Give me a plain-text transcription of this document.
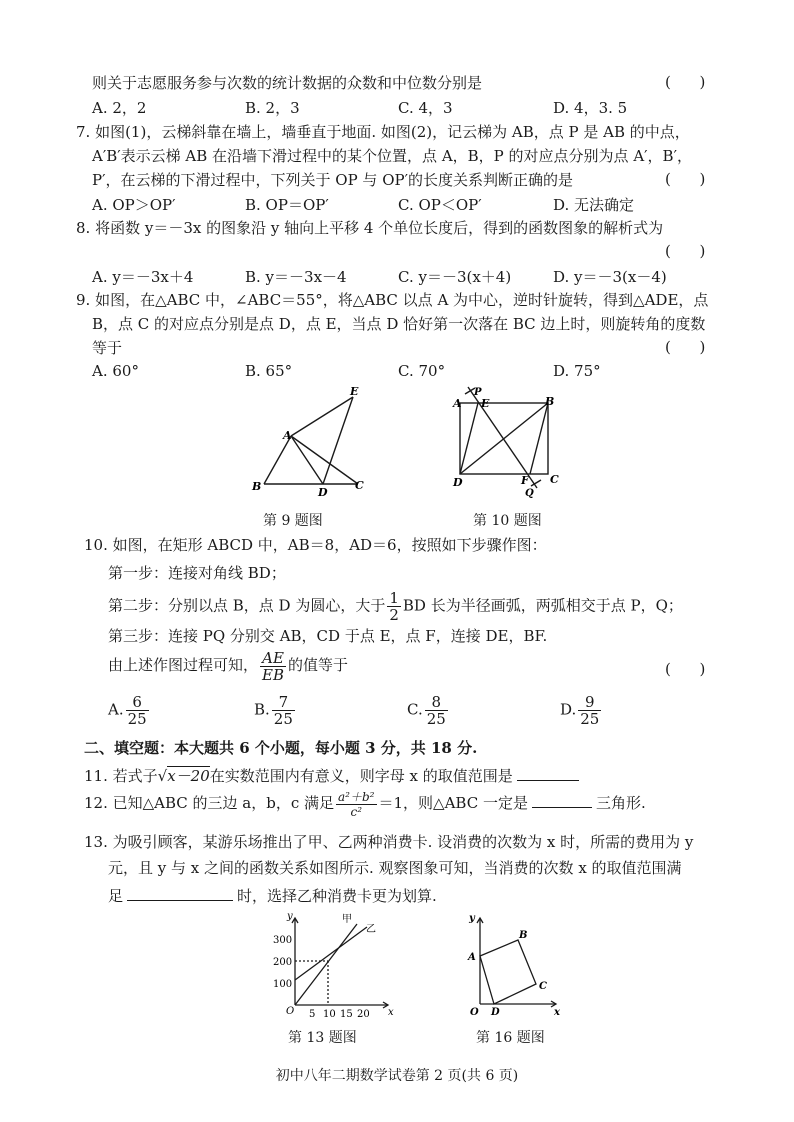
则关于志愿服务参与次数的统计数据的众数和中位数分别是	(      )
A. 2，2	B. 2，3	C. 4，3	D. 4，3. 5
7. 如图(1)，云梯斜靠在墙上，墙垂直于地面. 如图(2)，记云梯为 AB，点 P 是 AB 的中点，
A′B′表示云梯 AB 在沿墙下滑过程中的某个位置，点 A，B，P 的对应点分别为点 A′，B′，
P′，在云梯的下滑过程中，下列关于 OP 与 OP′的长度关系判断正确的是	(      )
A. OP＞OP′	B. OP＝OP′	C. OP＜OP′	D. 无法确定
8. 将函数 y＝－3x 的图象沿 y 轴向上平移 4 个单位长度后，得到的函数图象的解析式为
(      )
A. y＝－3x＋4	B. y＝－3x－4	C. y＝－3(x＋4)	D. y＝－3(x－4)
9. 如图，在△ABC 中，∠ABC＝55°，将△ABC 以点 A 为中心，逆时针旋转，得到△ADE，点
B，点 C 的对应点分别是点 D，点 E，当点 D 恰好第一次落在 BC 边上时，则旋转角的度数
等于	(      )
A. 60°	B. 65°	C. 70°	D. 75°
A
B	C
D
E
第 9 题图
A E
P
B
D	F C
Q
第 10 题图
10. 如图，在矩形 ABCD 中，AB＝8，AD＝6，按照如下步骤作图：
第一步：连接对角线 BD；
第二步：分别以点 B，点 D 为圆心，大于 $\frac{1}{2}$ BD 长为半径画弧，两弧相交于点 P，Q；
第三步：连接 PQ 分别交 AB，CD 于点 E，点 F，连接 DE，BF.
由上述作图过程可知， $\frac{AE}{EB}$ 的值等于	(      )
A. $\frac{6}{25}$	B. $\frac{7}{25}$	C. $\frac{8}{25}$	D. $\frac{9}{25}$
二、填空题：本大题共 6 个小题，每小题 3 分，共 18 分.
11. 若式子√x－20在实数范围内有意义，则字母 x 的取值范围是
12. 已知△ABC 的三边 a，b，c 满足 $\frac{\text{a²＋b²}}{\text{c²}} =1$，则△ABC 一定是	三角形.
13. 为吸引顾客，某游乐场推出了甲、乙两种消费卡. 设消费的次数为 x 时，所需的费用为 y
元，且 y 与 x 之间的函数关系如图所示. 观察图象可知，当消费的次数 x 的取值范围满
足	时，选择乙种消费卡更为划算.
y
x
O
300
200
100
5 10 15 20
甲
乙
第 13 题图
y
x
O
A
B
C
D
第 16 题图
初中八年二期数学试卷第 2 页(共 6 页)
